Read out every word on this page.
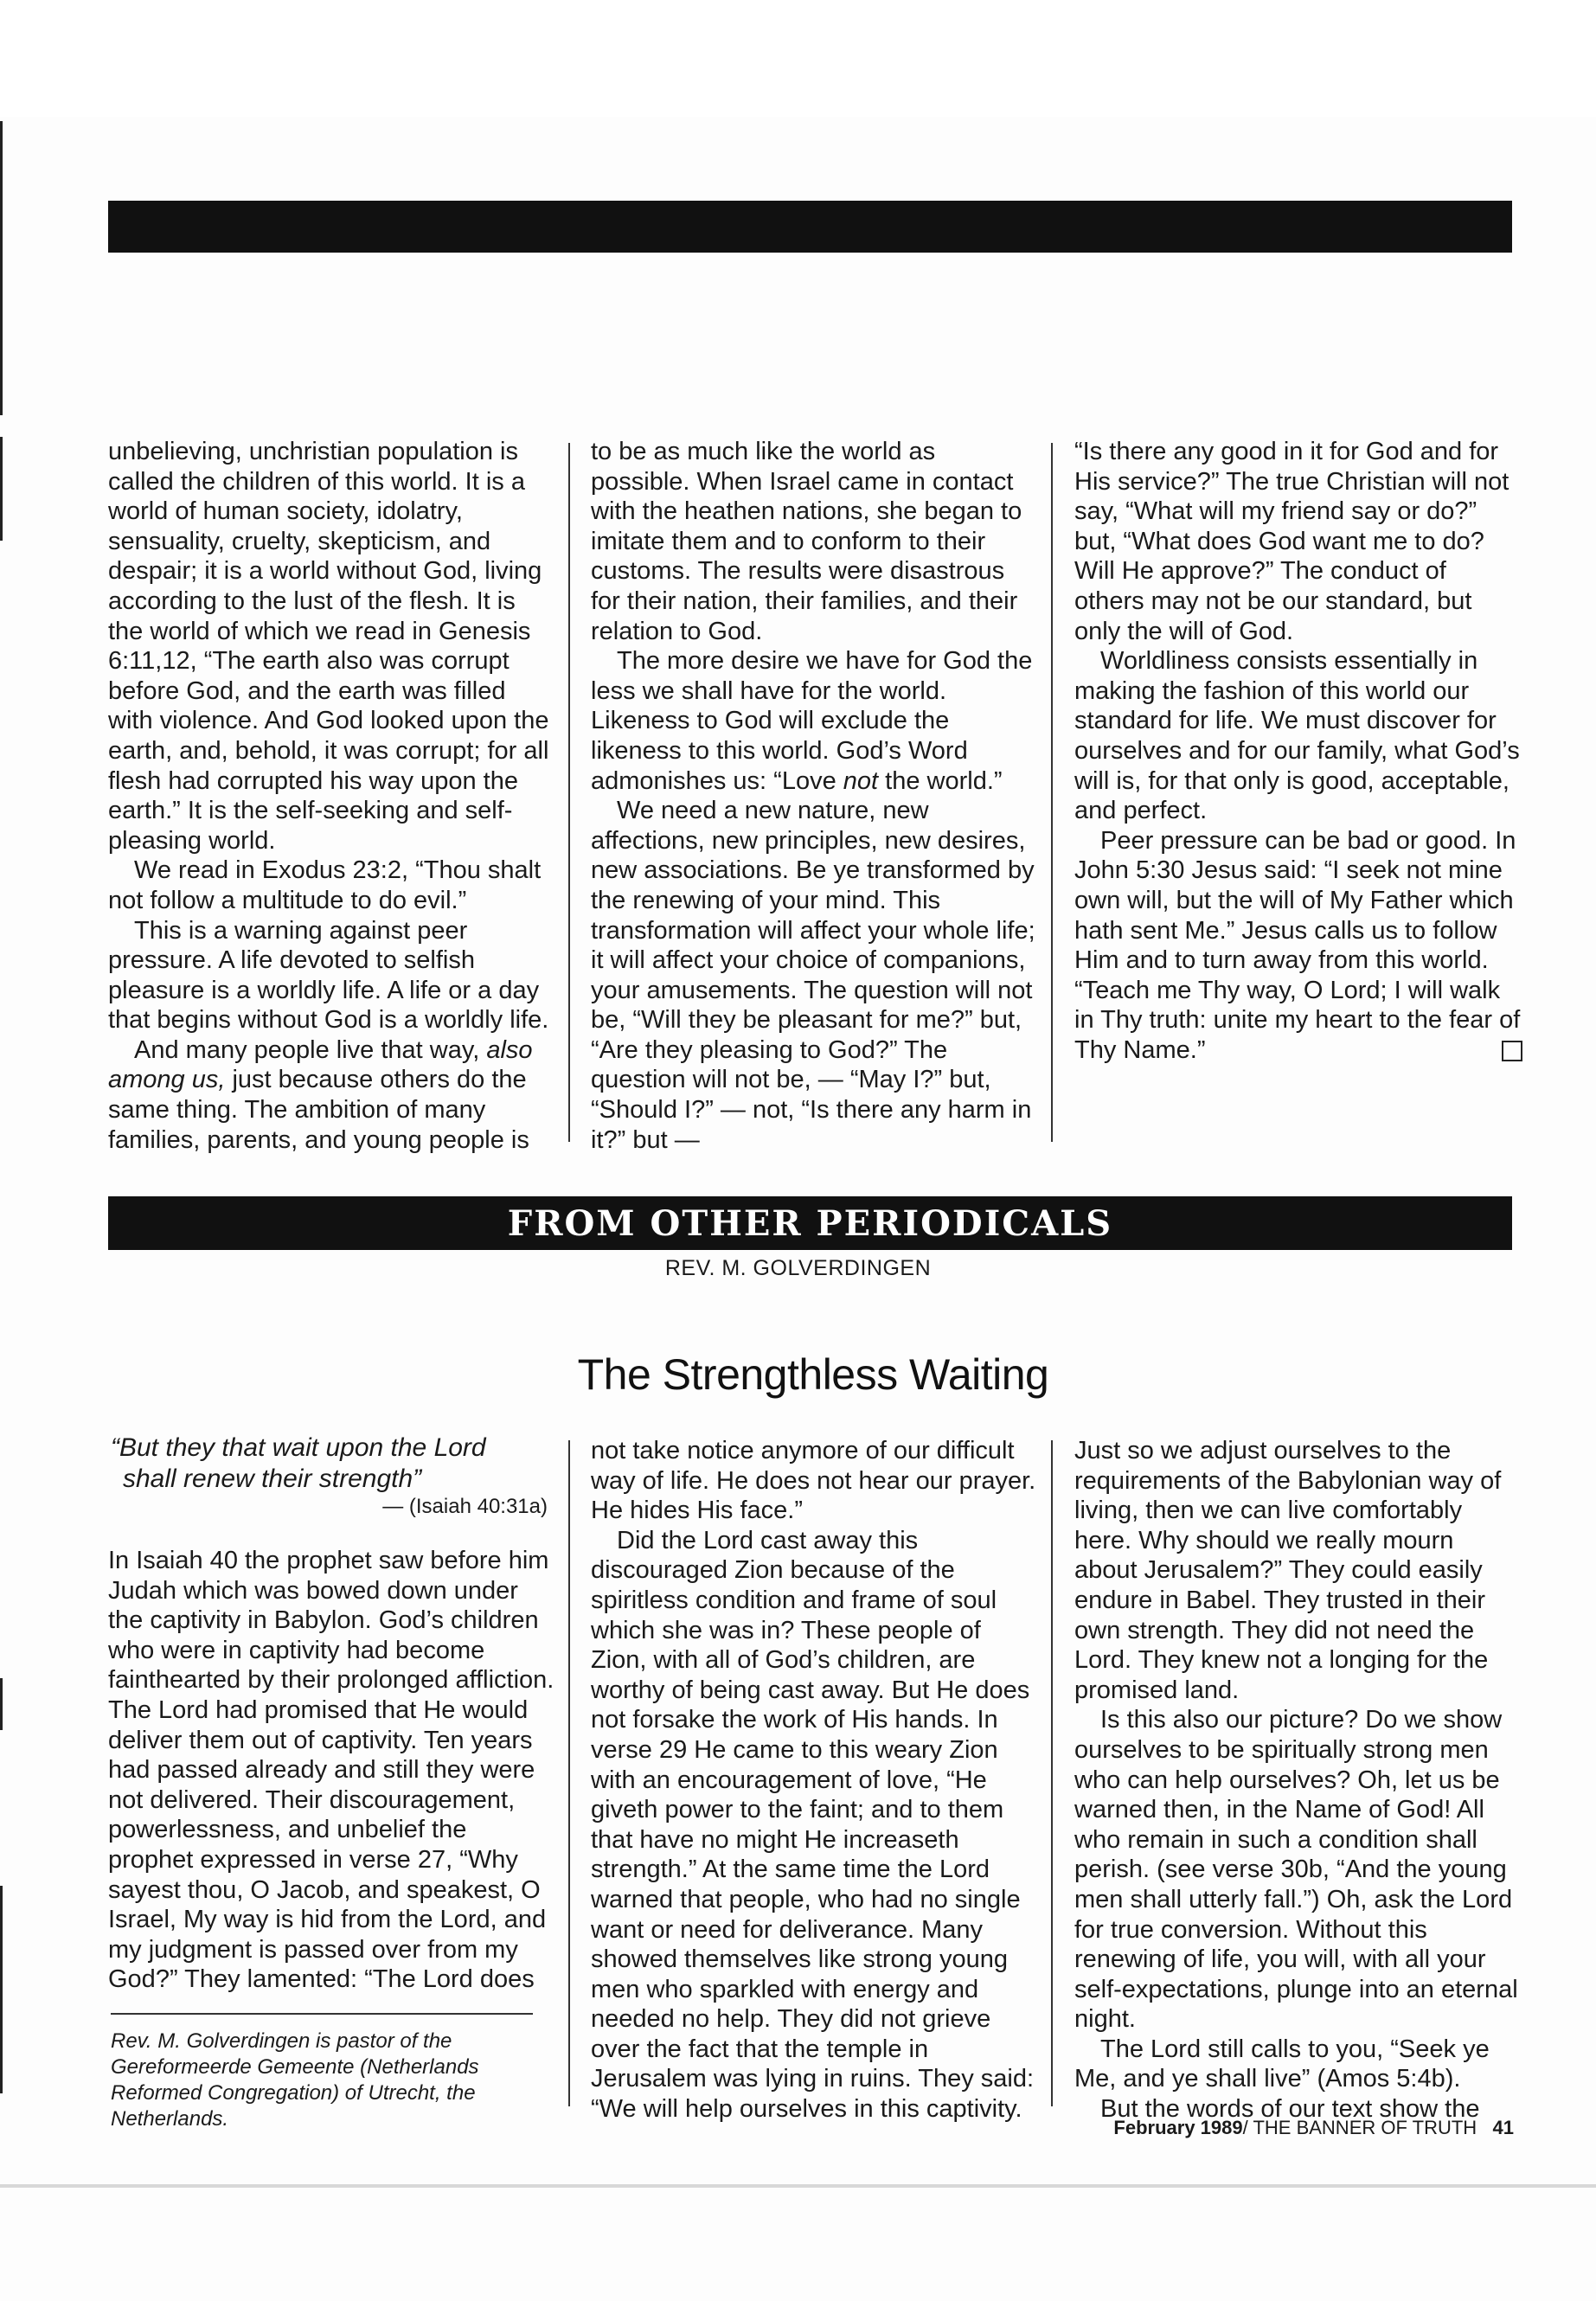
unbelieving, unchristian population is called the children of this world. It is a world of human society, idolatry, sensuality, cruelty, skepticism, and despair; it is a world without God, living according to the lust of the flesh. It is the world of which we read in Genesis 6:11,12, “The earth also was corrupt before God, and the earth was filled with violence. And God looked upon the earth, and, behold, it was corrupt; for all flesh had corrupted his way upon the earth.” It is the self-seeking and self-pleasing world.

We read in Exodus 23:2, “Thou shalt not follow a multitude to do evil.”

This is a warning against peer pressure. A life devoted to selfish pleasure is a worldly life. A life or a day that begins without God is a worldly life.

And many people live that way, also among us, just because others do the same thing. The ambition of many families, parents, and young people is

to be as much like the world as possible. When Israel came in contact with the heathen nations, she began to imitate them and to conform to their customs. The results were disastrous for their nation, their families, and their relation to God.

The more desire we have for God the less we shall have for the world. Likeness to God will exclude the likeness to this world. God’s Word admonishes us: “Love not the world.”

We need a new nature, new affections, new principles, new desires, new associations. Be ye transformed by the renewing of your mind. This transformation will affect your whole life; it will affect your choice of companions, your amusements. The question will not be, “Will they be pleasant for me?” but, “Are they pleasing to God?” The question will not be, — “May I?” but, “Should I?” — not, “Is there any harm in it?” but —

“Is there any good in it for God and for His service?” The true Christian will not say, “What will my friend say or do?” but, “What does God want me to do? Will He approve?” The conduct of others may not be our standard, but only the will of God.

Worldliness consists essentially in making the fashion of this world our standard for life. We must discover for ourselves and for our family, what God’s will is, for that only is good, acceptable, and perfect.

Peer pressure can be bad or good. In John 5:30 Jesus said: “I seek not mine own will, but the will of My Father which hath sent Me.” Jesus calls us to follow Him and to turn away from this world. “Teach me Thy way, O Lord; I will walk in Thy truth: unite my heart to the fear of Thy Name.”

FROM OTHER PERIODICALS
REV. M. GOLVERDINGEN
The Strengthless Waiting
“But they that wait upon the Lord
shall renew their strength”
— (Isaiah 40:31a)

In Isaiah 40 the prophet saw before him Judah which was bowed down under the captivity in Babylon. God’s children who were in captivity had become fainthearted by their prolonged affliction. The Lord had promised that He would deliver them out of captivity. Ten years had passed already and still they were not delivered. Their discouragement, powerlessness, and unbelief the prophet expressed in verse 27, “Why sayest thou, O Jacob, and speakest, O Israel, My way is hid from the Lord, and my judgment is passed over from my God?” They lamented: “The Lord does

not take notice anymore of our difficult way of life. He does not hear our prayer. He hides His face.”

Did the Lord cast away this discouraged Zion because of the spiritless condition and frame of soul which she was in? These people of Zion, with all of God’s children, are worthy of being cast away. But He does not forsake the work of His hands. In verse 29 He came to this weary Zion with an encouragement of love, “He giveth power to the faint; and to them that have no might He increaseth strength.” At the same time the Lord warned that people, who had no single want or need for deliverance. Many showed themselves like strong young men who sparkled with energy and needed no help. They did not grieve over the fact that the temple in Jerusalem was lying in ruins. They said: “We will help ourselves in this captivity.

Just so we adjust ourselves to the requirements of the Babylonian way of living, then we can live comfortably here. Why should we really mourn about Jerusalem?” They could easily endure in Babel. They trusted in their own strength. They did not need the Lord. They knew not a longing for the promised land.

Is this also our picture? Do we show ourselves to be spiritually strong men who can help ourselves? Oh, let us be warned then, in the Name of God! All who remain in such a condition shall perish. (see verse 30b, “And the young men shall utterly fall.”) Oh, ask the Lord for true conversion. Without this renewing of life, you will, with all your self-expectations, plunge into an eternal night.

The Lord still calls to you, “Seek ye Me, and ye shall live” (Amos 5:4b).

But the words of our text show the

Rev. M. Golverdingen is pastor of the Gereformeerde Gemeente (Netherlands Reformed Congregation) of Utrecht, the Netherlands.	February 1989/ THE BANNER OF TRUTH 41
